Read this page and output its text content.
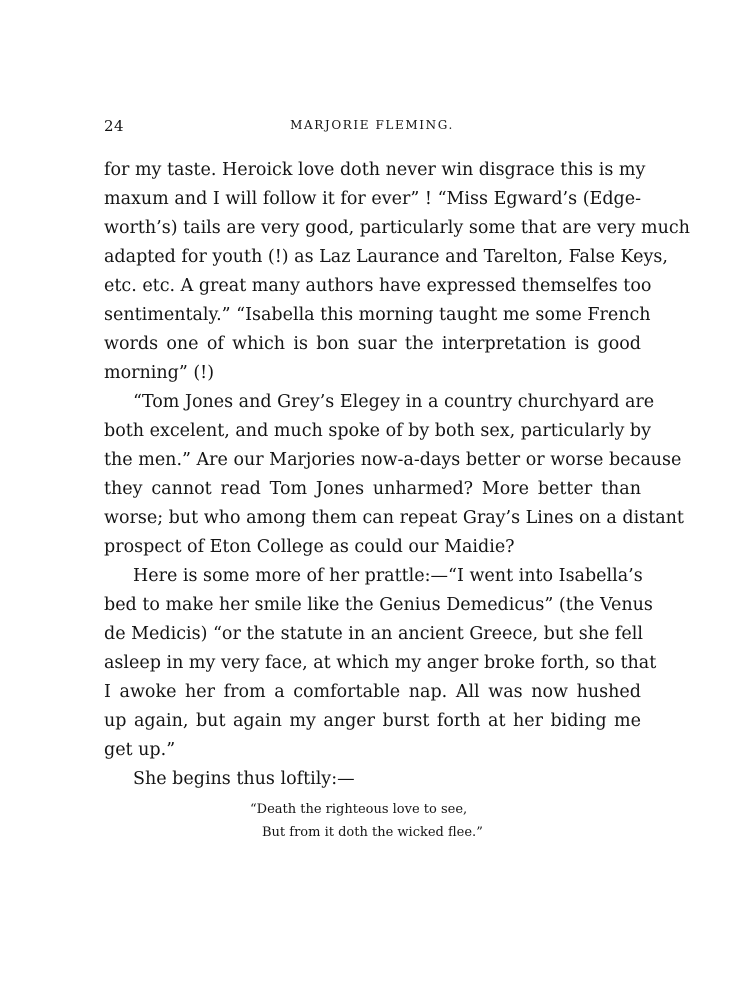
24	MARJORIE FLEMING.

for my taste. Heroick love doth never win disgrace this is my

maxum and I will follow it for ever” ! “Miss Egward’s (Edge-

worth’s) tails are very good, particularly some that are very much

adapted for youth (!) as Laz Laurance and Tarelton, False Keys,

etc. etc. A great many authors have expressed themselfes too

sentimentaly.” “Isabella this morning taught me some French

words one of which is bon suar the interpretation is good

morning” (!)

“Tom Jones and Grey’s Elegey in a country churchyard are

both excelent, and much spoke of by both sex, particularly by

the men.” Are our Marjories now-a-days better or worse because

they cannot read Tom Jones unharmed? More better than

worse; but who among them can repeat Gray’s Lines on a distant

prospect of Eton College as could our Maidie?

Here is some more of her prattle:—“I went into Isabella’s

bed to make her smile like the Genius Demedicus” (the Venus

de Medicis) “or the statute in an ancient Greece, but she fell

asleep in my very face, at which my anger broke forth, so that

I awoke her from a comfortable nap. All was now hushed

up again, but again my anger burst forth at her biding me

get up.”

She begins thus loftily:—

“Death the righteous love to see,

But from it doth the wicked flee.”
